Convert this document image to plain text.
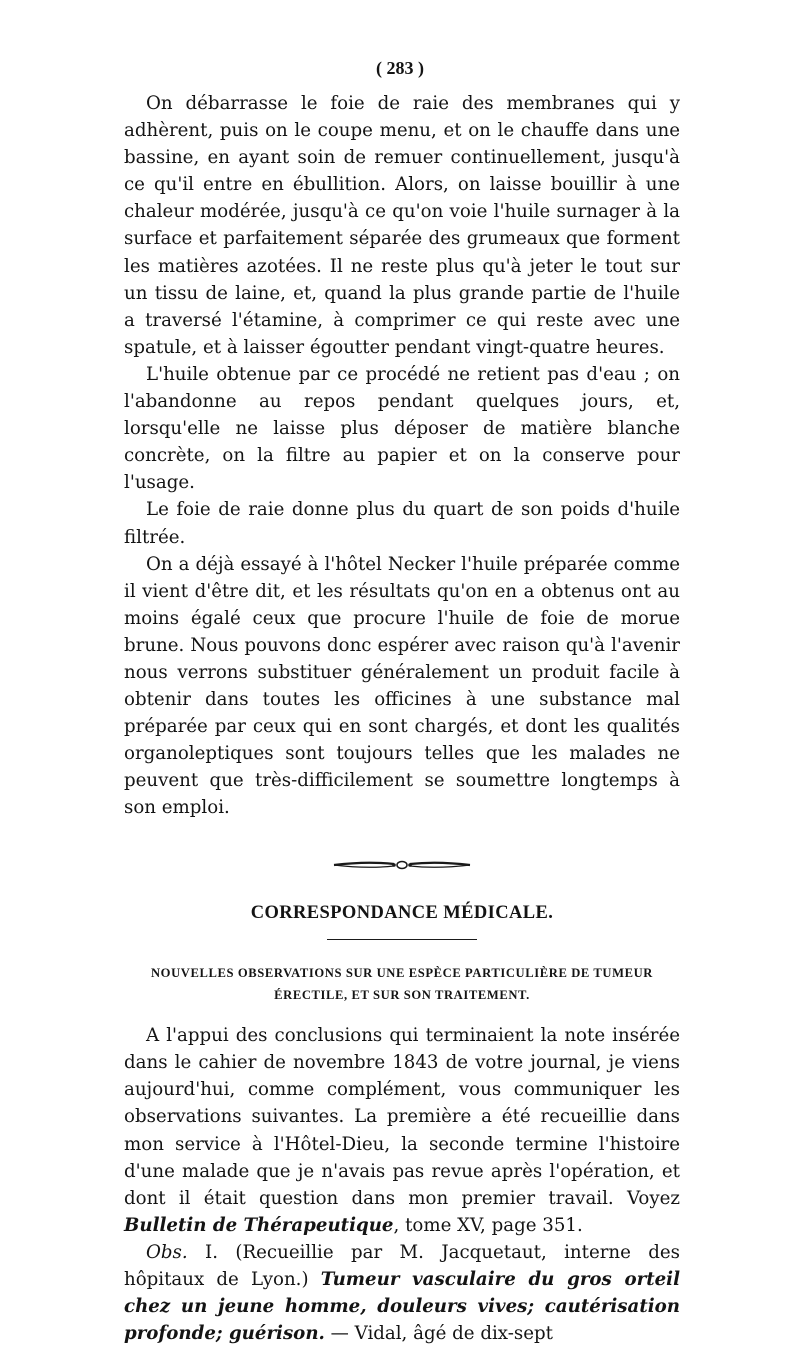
( 283 )

On débarrasse le foie de raie des membranes qui y adhèrent, puis on le coupe menu, et on le chauffe dans une bassine, en ayant soin de remuer continuellement, jusqu'à ce qu'il entre en ébullition. Alors, on laisse bouillir à une chaleur modérée, jusqu'à ce qu'on voie l'huile surnager à la surface et parfaitement séparée des grumeaux que forment les matières azotées. Il ne reste plus qu'à jeter le tout sur un tissu de laine, et, quand la plus grande partie de l'huile a traversé l'étamine, à comprimer ce qui reste avec une spatule, et à laisser égoutter pendant vingt-quatre heures.

L'huile obtenue par ce procédé ne retient pas d'eau ; on l'abandonne au repos pendant quelques jours, et, lorsqu'elle ne laisse plus déposer de matière blanche concrète, on la filtre au papier et on la conserve pour l'usage.

Le foie de raie donne plus du quart de son poids d'huile filtrée.

On a déjà essayé à l'hôtel Necker l'huile préparée comme il vient d'être dit, et les résultats qu'on en a obtenus ont au moins égalé ceux que procure l'huile de foie de morue brune. Nous pouvons donc espérer avec raison qu'à l'avenir nous verrons substituer généralement un produit facile à obtenir dans toutes les officines à une substance mal préparée par ceux qui en sont chargés, et dont les qualités organoleptiques sont toujours telles que les malades ne peuvent que très-difficilement se soumettre longtemps à son emploi.

CORRESPONDANCE MÉDICALE.
NOUVELLES OBSERVATIONS SUR UNE ESPÈCE PARTICULIÈRE DE TUMEUR
ÉRECTILE, ET SUR SON TRAITEMENT.

A l'appui des conclusions qui terminaient la note insérée dans le cahier de novembre 1843 de votre journal, je viens aujourd'hui, comme complément, vous communiquer les observations suivantes. La première a été recueillie dans mon service à l'Hôtel-Dieu, la seconde termine l'histoire d'une malade que je n'avais pas revue après l'opération, et dont il était question dans mon premier travail. Voyez Bulletin de Thérapeutique, tome XV, page 351.

Obs. I. (Recueillie par M. Jacquetaut, interne des hôpitaux de Lyon.) Tumeur vasculaire du gros orteil chez un jeune homme, douleurs vives; cautérisation profonde; guérison. — Vidal, âgé de dix-sept
